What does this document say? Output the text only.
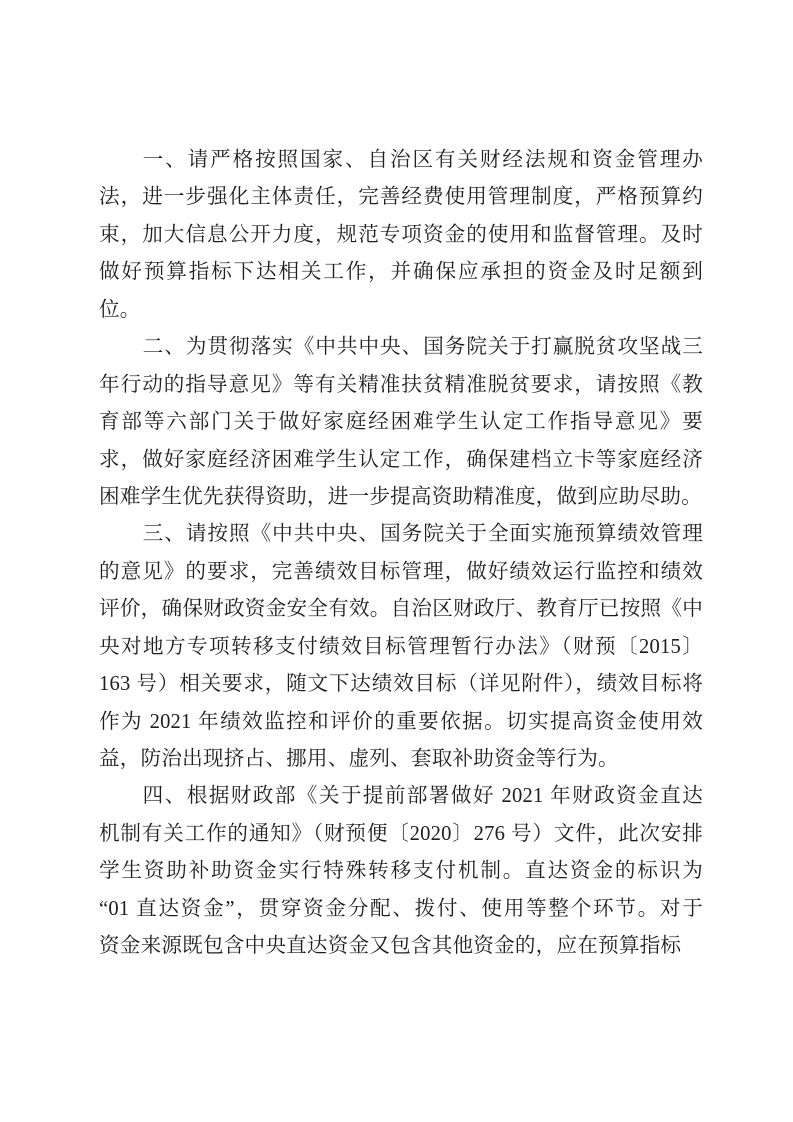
一、请严格按照国家、自治区有关财经法规和资金管理办
法，进一步强化主体责任，完善经费使用管理制度，严格预算约
束，加大信息公开力度，规范专项资金的使用和监督管理。及时
做好预算指标下达相关工作，并确保应承担的资金及时足额到
位。
二、为贯彻落实《中共中央、国务院关于打赢脱贫攻坚战三
年行动的指导意见》等有关精准扶贫精准脱贫要求，请按照《教
育部等六部门关于做好家庭经困难学生认定工作指导意见》要
求，做好家庭经济困难学生认定工作，确保建档立卡等家庭经济
困难学生优先获得资助，进一步提高资助精准度，做到应助尽助。
三、请按照《中共中央、国务院关于全面实施预算绩效管理
的意见》的要求，完善绩效目标管理，做好绩效运行监控和绩效
评价，确保财政资金安全有效。自治区财政厅、教育厅已按照《中
央对地方专项转移支付绩效目标管理暂行办法》（财预〔2015〕
163 号）相关要求，随文下达绩效目标（详见附件），绩效目标将
作为 2021 年绩效监控和评价的重要依据。切实提高资金使用效
益，防治出现挤占、挪用、虚列、套取补助资金等行为。
四、根据财政部《关于提前部署做好 2021 年财政资金直达
机制有关工作的通知》（财预便〔2020〕276 号）文件，此次安排
学生资助补助资金实行特殊转移支付机制。直达资金的标识为
“01 直达资金”，贯穿资金分配、拨付、使用等整个环节。对于
资金来源既包含中央直达资金又包含其他资金的，应在预算指标
